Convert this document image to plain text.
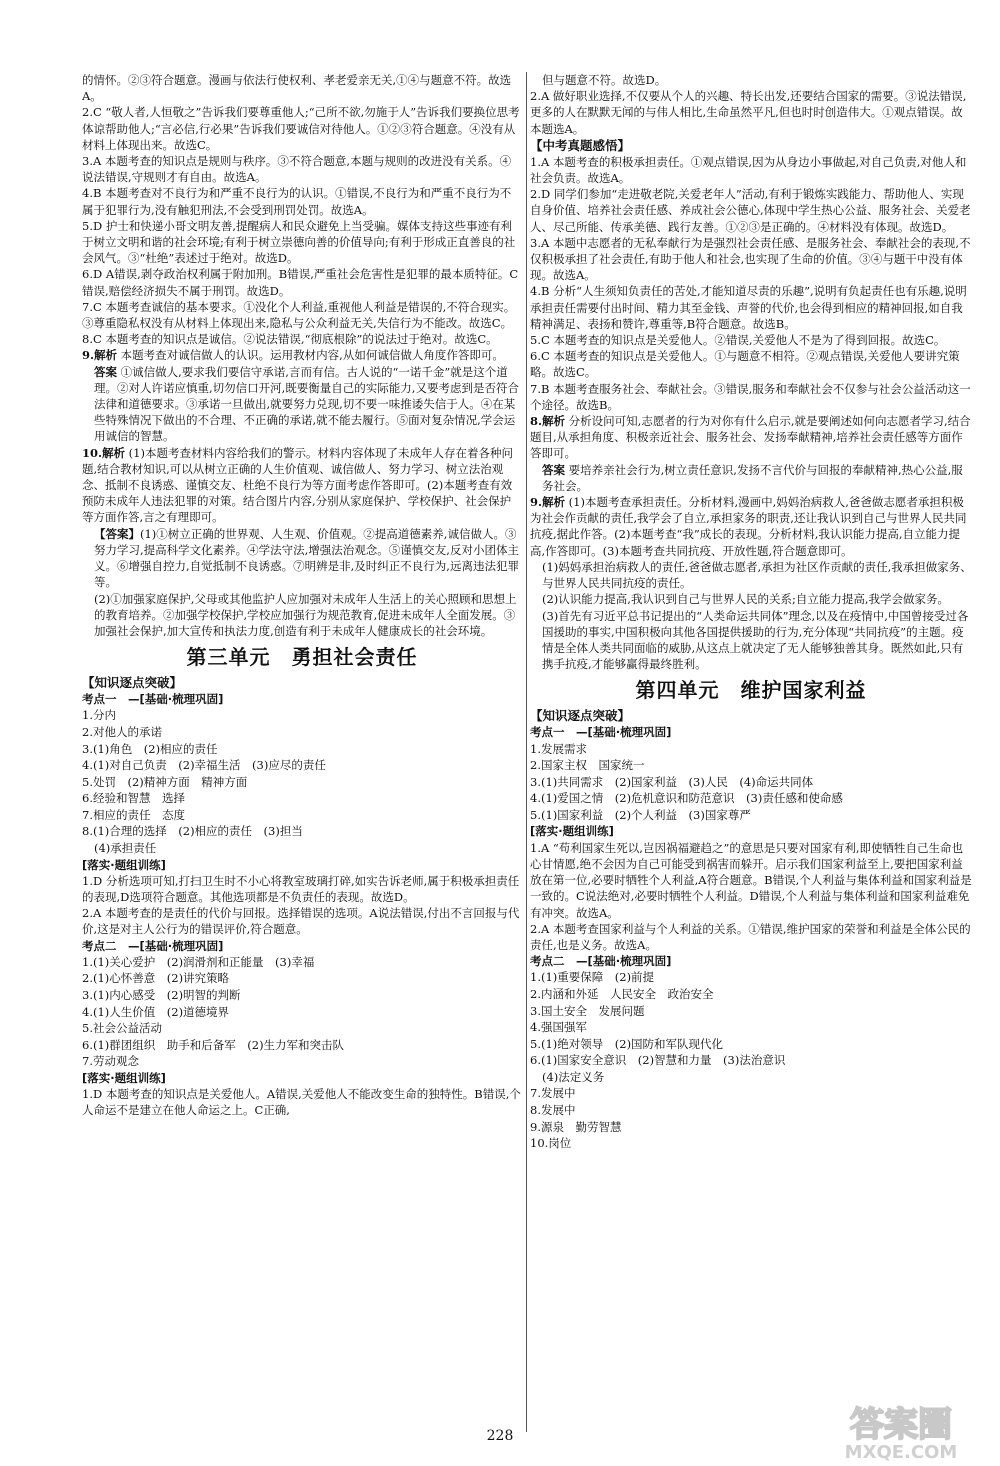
的情怀。②③符合题意。漫画与依法行使权利、孝老爱亲无关,①④与题意不符。故选A。

2.C “敬人者,人恒敬之”告诉我们要尊重他人;“己所不欲,勿施于人”告诉我们要换位思考体谅帮助他人;“言必信,行必果”告诉我们要诚信对待他人。①②③符合题意。④没有从材料上体现出来。故选C。

3.A 本题考查的知识点是规则与秩序。③不符合题意,本题与规则的改进没有关系。④说法错误,守规则才有自由。故选A。

4.B 本题考查对不良行为和严重不良行为的认识。①错误,不良行为和严重不良行为不属于犯罪行为,没有触犯刑法,不会受到刑罚处罚。故选A。

5.D 护士和快递小哥文明友善,提醒病人和民众避免上当受骗。媒体支持这些事迹有利于树立文明和谐的社会环境;有利于树立崇德向善的价值导向;有利于形成正直善良的社会风气。③“杜绝”表述过于绝对。故选D。

6.D A错误,剥夺政治权利属于附加刑。B错误,严重社会危害性是犯罪的最本质特征。C错误,赔偿经济损失不属于刑罚。故选D。

7.C 本题考查诚信的基本要求。①没化个人利益,重视他人利益是错误的,不符合现实。③尊重隐私权没有从材料上体现出来,隐私与公众利益无关,失信行为不能改。故选C。

8.C 本题考查的知识点是诚信。②说法错误,“彻底根除”的说法过于绝对。故选C。

9.解析 本题考查对诚信做人的认识。运用教材内容,从如何诚信做人角度作答即可。

答案 ①诚信做人,要求我们要信守承诺,言而有信。古人说的“一诺千金”就是这个道理。②对人许诺应慎重,切勿信口开河,既要衡量自己的实际能力,又要考虑到是否符合法律和道德要求。③承诺一旦做出,就要努力兑现,切不要一味推诿失信于人。④在某些特殊情况下做出的不合理、不正确的承诺,就不能去履行。⑤面对复杂情况,学会运用诚信的智慧。

10.解析 (1)本题考查材料内容给我们的警示。材料内容体现了未成年人存在着各种问题,结合教材知识,可以从树立正确的人生价值观、诚信做人、努力学习、树立法治观念、抵制不良诱惑、谨慎交友、杜绝不良行为等方面考虑作答即可。(2)本题考查有效预防未成年人违法犯罪的对策。结合图片内容,分别从家庭保护、学校保护、社会保护等方面作答,言之有理即可。

【答案】(1)①树立正确的世界观、人生观、价值观。②提高道德素养,诚信做人。③努力学习,提高科学文化素养。④学法守法,增强法治观念。⑤谨慎交友,反对小团体主义。⑥增强自控力,自觉抵制不良诱惑。⑦明辨是非,及时纠正不良行为,远离违法犯罪等。

(2)①加强家庭保护,父母或其他监护人应加强对未成年人生活上的关心照顾和思想上的教育培养。②加强学校保护,学校应加强行为规范教育,促进未成年人全面发展。③加强社会保护,加大宣传和执法力度,创造有利于未成年人健康成长的社会环境。

第三单元　勇担社会责任
【知识逐点突破】
考点一　—[基础·梳理巩固]
1.分内
2.对他人的承诺
3.(1)角色　(2)相应的责任
4.(1)对自己负责　(2)幸福生活　(3)应尽的责任
5.处罚　(2)精神方面　精神方面
6.经验和智慧　选择
7.相应的责任　态度
8.(1)合理的选择　(2)相应的责任　(3)担当
(4)承担责任
[落实·题组训练]

1.D 分析选项可知,打扫卫生时不小心将教室玻璃打碎,如实告诉老师,属于积极承担责任的表现,D选项符合题意。其他选项都是不负责任的表现。故选D。

2.A 本题考查的是责任的代价与回报。选择错误的选项。A说法错误,付出不言回报与代价,这是对主人公行为的错误评价,符合题意。

考点二　—[基础·梳理巩固]
1.(1)关心爱护　(2)润滑剂和正能量　(3)幸福
2.(1)心怀善意　(2)讲究策略
3.(1)内心感受　(2)明智的判断
4.(1)人生价值　(2)道德境界
5.社会公益活动
6.(1)群团组织　助手和后备军　(2)生力军和突击队
7.劳动观念
[落实·题组训练]

1.D 本题考查的知识点是关爱他人。A错误,关爱他人不能改变生命的独特性。B错误,个人命运不是建立在他人命运之上。C正确,

但与题意不符。故选D。

2.A 做好职业选择,不仅要从个人的兴趣、特长出发,还要结合国家的需要。③说法错误,更多的人在默默无闻的与伟人相比,生命虽然平凡,但也时时创造伟大。①观点错误。故本题选A。

【中考真题感悟】

1.A 本题考查的积极承担责任。①观点错误,因为从身边小事做起,对自己负责,对他人和社会负责。故选A。

2.D 同学们参加“走进敬老院,关爱老年人”活动,有利于锻炼实践能力、帮助他人、实现自身价值、培养社会责任感、养成社会公德心,体现中学生热心公益、服务社会、关爱老人、尽己所能、传承美德、践行友善。①②③是正确的。④材料没有体现。故选D。

3.A 本题中志愿者的无私奉献行为是强烈社会责任感、是服务社会、奉献社会的表现,不仅积极承担了社会责任,有助于他人和社会,也实现了生命的价值。③④与题干中没有体现。故选A。

4.B 分析“人生须知负责任的苦处,才能知道尽责的乐趣”,说明有负起责任也有乐趣,说明承担责任需要付出时间、精力其至金钱、声誉的代价,也会得到相应的精神回报,如自我精神满足、表扬和赞许,尊重等,B符合题意。故选B。

5.C 本题考查的知识点是关爱他人。②错误,关爱他人不是为了得到回报。故选C。

6.C 本题考查的知识点是关爱他人。①与题意不相符。②观点错误,关爱他人要讲究策略。故选C。

7.B 本题考查服务社会、奉献社会。③错误,服务和奉献社会不仅参与社会公益活动这一个途径。故选B。

8.解析 分析设问可知,志愿者的行为对你有什么启示,就是要阐述如何向志愿者学习,结合题目,从承担角度、积极亲近社会、服务社会、发扬奉献精神,培养社会责任感等方面作答即可。

答案 要培养亲社会行为,树立责任意识,发扬不言代价与回报的奉献精神,热心公益,服务社会。

9.解析 (1)本题考查承担责任。分析材料,漫画中,妈妈治病救人,爸爸做志愿者承担积极为社会作贡献的责任,我学会了自立,承担家务的职责,还让我认识到自己与世界人民共同抗疫,据此作答。(2)本题考查“我”成长的表现。分析材料,我认识能力提高,自立能力提高,作答即可。(3)本题考查共同抗疫、开放性题,符合题意即可。

(1)妈妈承担治病救人的责任,爸爸做志愿者,承担为社区作贡献的责任,我承担做家务、与世界人民共同抗疫的责任。

(2)认识能力提高,我认识到自己与世界人民的关系;自立能力提高,我学会做家务。

(3)首先有习近平总书记提出的“人类命运共同体”理念,以及在疫情中,中国曾接受过各国援助的事实,中国积极向其他各国提供援助的行为,充分体现“共同抗疫”的主题。疫情是全体人类共同面临的威胁,从这点上就决定了无人能够独善其身。既然如此,只有携手抗疫,才能够赢得最终胜利。

第四单元　维护国家利益
【知识逐点突破】
考点一　—[基础·梳理巩固]
1.发展需求
2.国家主权　国家统一
3.(1)共同需求　(2)国家利益　(3)人民　(4)命运共同体
4.(1)爱国之情　(2)危机意识和防范意识　(3)责任感和使命感
5.(1)国家利益　(2)个人利益　(3)国家尊严
[落实·题组训练]

1.A “苟利国家生死以,岂因祸福避趋之”的意思是只要对国家有利,即使牺牲自己生命也心甘情愿,绝不会因为自己可能受到祸害而躲开。启示我们国家利益至上,要把国家利益放在第一位,必要时牺牲个人利益,A符合题意。B错误,个人利益与集体利益和国家利益是一致的。C说法绝对,必要时牺牲个人利益。D错误,个人利益与集体利益和国家利益难免有冲突。故选A。

2.A 本题考查国家利益与个人利益的关系。①错误,维护国家的荣誉和利益是全体公民的责任,也是义务。故选A。

考点二　—[基础·梳理巩固]
1.(1)重要保障　(2)前提
2.内涵和外延　人民安全　政治安全
3.国土安全　发展问题
4.强国强军
5.(1)绝对领导　(2)国防和军队现代化
6.(1)国家安全意识　(2)智慧和力量　(3)法治意识
(4)法定义务
7.发展中
8.发展中
9.源泉　勤劳智慧
10.岗位
228	答案圈
MXQE.COM
